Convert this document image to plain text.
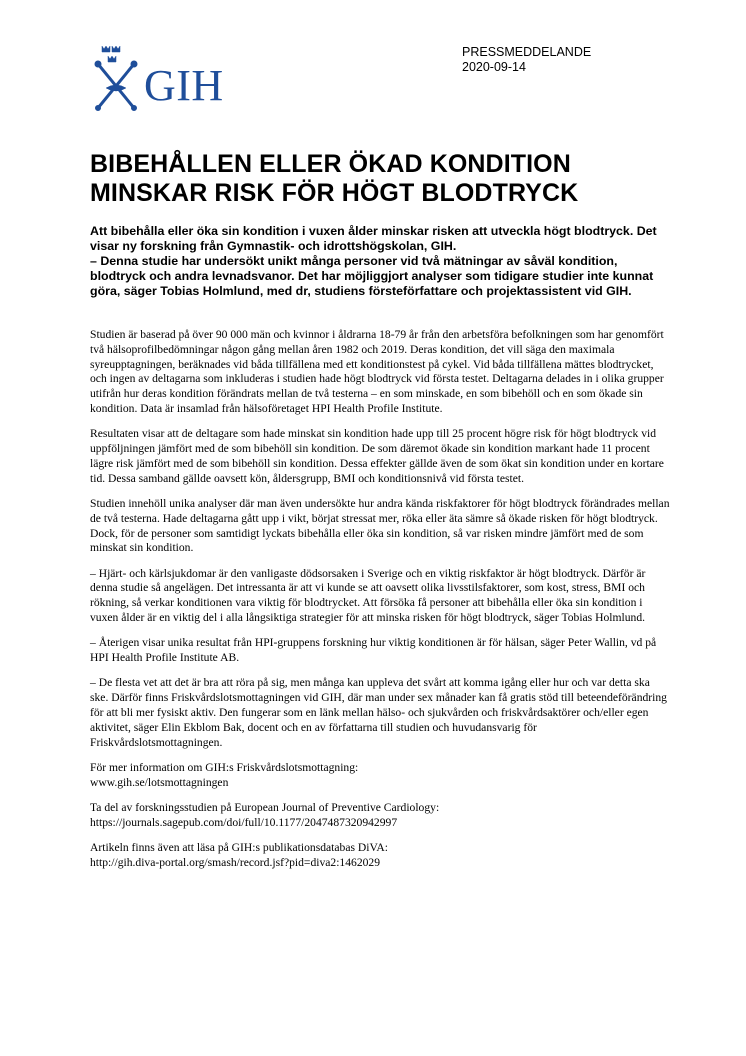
GIH
PRESSMEDDELANDE
2020-09-14
BIBEHÅLLEN ELLER ÖKAD KONDITION
MINSKAR RISK FÖR HÖGT BLODTRYCK

Att bibehålla eller öka sin kondition i vuxen ålder minskar risken att utveckla högt blodtryck. Det visar ny forskning från Gymnastik- och idrottshögskolan, GIH.

– Denna studie har undersökt unikt många personer vid två mätningar av såväl kondition, blodtryck och andra levnadsvanor. Det har möjliggjort analyser som tidigare studier inte kunnat göra, säger Tobias Holmlund, med dr, studiens försteförfattare och projektassistent vid GIH.

Studien är baserad på över 90 000 män och kvinnor i åldrarna 18-79 år från den arbetsföra befolkningen som har genomfört två hälsoprofilbedömningar någon gång mellan åren 1982 och 2019. Deras kondition, det vill säga den maximala syreupptagningen, beräknades vid båda tillfällena med ett konditionstest på cykel. Vid båda tillfällena mättes blodtrycket, och ingen av deltagarna som inkluderas i studien hade högt blodtryck vid första testet. Deltagarna delades in i olika grupper utifrån hur deras kondition förändrats mellan de två testerna – en som minskade, en som bibehöll och en som ökade sin kondition. Data är insamlad från hälsoföretaget HPI Health Profile Institute.

Resultaten visar att de deltagare som hade minskat sin kondition hade upp till 25 procent högre risk för högt blodtryck vid uppföljningen jämfört med de som bibehöll sin kondition. De som däremot ökade sin kondition markant hade 11 procent lägre risk jämfört med de som bibehöll sin kondition. Dessa effekter gällde även de som ökat sin kondition under en kortare tid. Dessa samband gällde oavsett kön, åldersgrupp, BMI och konditionsnivå vid första testet.

Studien innehöll unika analyser där man även undersökte hur andra kända riskfaktorer för högt blodtryck förändrades mellan de två testerna. Hade deltagarna gått upp i vikt, börjat stressat mer, röka eller äta sämre så ökade risken för högt blodtryck. Dock, för de personer som samtidigt lyckats bibehålla eller öka sin kondition, så var risken mindre jämfört med de som minskat sin kondition.

– Hjärt- och kärlsjukdomar är den vanligaste dödsorsaken i Sverige och en viktig riskfaktor är högt blodtryck. Därför är denna studie så angelägen. Det intressanta är att vi kunde se att oavsett olika livsstilsfaktorer, som kost, stress, BMI och rökning, så verkar konditionen vara viktig för blodtrycket. Att försöka få personer att bibehålla eller öka sin kondition i vuxen ålder är en viktig del i alla långsiktiga strategier för att minska risken för högt blodtryck, säger Tobias Holmlund.

– Återigen visar unika resultat från HPI-gruppens forskning hur viktig konditionen är för hälsan, säger Peter Wallin, vd på HPI Health Profile Institute AB.

– De flesta vet att det är bra att röra på sig, men många kan uppleva det svårt att komma igång eller hur och var detta ska ske. Därför finns Friskvårdslotsmottagningen vid GIH, där man under sex månader kan få gratis stöd till beteendeförändring för att bli mer fysiskt aktiv. Den fungerar som en länk mellan hälso- och sjukvården och friskvårdsaktörer och/eller egen aktivitet, säger Elin Ekblom Bak, docent och en av författarna till studien och huvudansvarig för Friskvårdslotsmottagningen.

För mer information om GIH:s Friskvårdslotsmottagning:
www.gih.se/lotsmottagningen

Ta del av forskningsstudien på European Journal of Preventive Cardiology:
https://journals.sagepub.com/doi/full/10.1177/2047487320942997

Artikeln finns även att läsa på GIH:s publikationsdatabas DiVA:
http://gih.diva-portal.org/smash/record.jsf?pid=diva2:1462029
